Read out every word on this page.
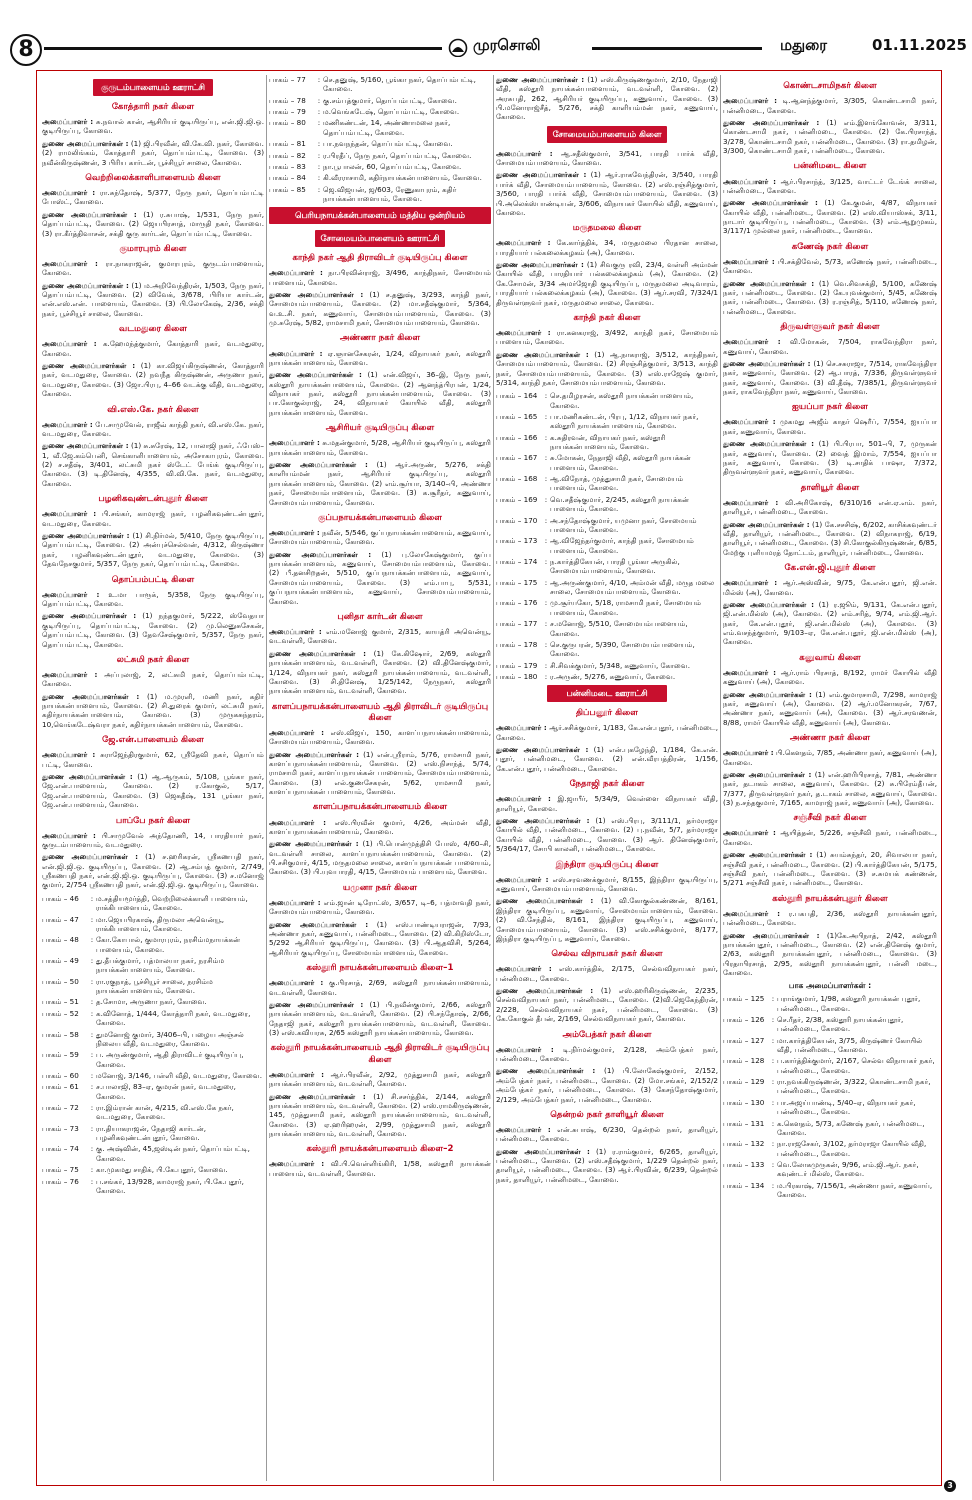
8	முரசொலி	மதுரை	01.11.2025
குருடம்பாளையம் ஊராட்சி
கோத்தாரி நகர் கிளை
அமைப்பாளர் : சு.நவால் கான், ஆசிரியர் குடியிருப்பு, என்.ஜி.ஜி.ஒ. குடியிருப்பு, கோவை.
துணை அமைப்பாளர்கள் : (1) ஜி.பிரவீன், வி.கே.வி. நகர், கோவை. (2) ராமலிங்கம், கோத்தாரி நகர், தொப்பம்பட்டி, கோவை. (3) நவீன்கிருஷ்ணன், 3 பிரிய கார்டன், பூச்சியூர் சாலை, கோவை.
வெற்றிலைக்காளிபாளையம் கிளை
அமைப்பாளர் : ரா.சுந்தோஷ், 5/377, நேரு நகர், தொப்பம்பட்டி போஸ்ட், கோவை.
துணை அமைப்பாளர்கள் : (1) ர.சுபாஷ், 1/531, நேரு நகர், தொப்பம்பட்டி, கோவை. (2) ஜெயபிரசாத், மாருதி நகர், கோவை. (3) ரா.கீர்த்திவாசன், சக்தி குரு கார்டன், தொப்பம்பட்டி, கோவை.
குமாரபுரம் கிளை
அமைப்பாளர் : ரா.நாகராஜன், குமாரபுரம், குருடம்பாளையம், கோவை.
துணை அமைப்பாளர்கள் : (1) ம.அறிவேந்திரன், 1/503, நேரு நகர், தொப்பம்பட்டி, கோவை. (2) விவேக், 3/678, பிரியா கார்டன், என்.எஸ்.என். பாளையம், கோவை. (3) பி.லோகேஷ், 2/36, சக்தி நகர், பூச்சியூர் சாலை, கோவை.
வடமதுரை கிளை
அமைப்பாளர் : க.ஹேமந்த்குமார், கோத்தாரி நகர், வடமதுரை, கோவை.
துணை அமைப்பாளர்கள் : (1) கா.விஜய்கிருஷ்ணன், கோத்தாரி நகர், வடமதுரை, கோவை. (2) நவநீத கிருஷ்ணன், அருணா நகர், வடமதுரை, கோவை. (3) ஜோ.பிரபு, 4–66 வடக்கு வீதி, வடமதுரை, கோவை.
வி.எஸ்.கே. நகர் கிளை
அமைப்பாளர் : பே.சாமுவேல், ராஜீவ் காந்தி நகர், வி.எஸ்.கே. நகர், வடமதுரை, கோவை.
துணை அமைப்பாளர்கள் : (1) சு.சுரேஷ், 12, பாலாஜி நகர், ஃபேஸ்–1, வீ.ஜே.கம்பெனி, செங்காளிபாளையம், அசோகாபுரம், கோவை. (2) ச.சதீஷ், 3/401, லட்சுமி நகர் ஸ்டேட் பேங்க் குடியிருப்பு, கோவை. (3) டி.தினேஷ், 4/355, வி.வி.கே. நகர், வடமதுரை, கோவை.
பழனிகவுண்டன்புதூர் கிளை
அமைப்பாளர் : பி.சங்கர், காமராஜ் நகர், பழனிகவுண்டன்புதூர், வடமதுரை, கோவை.
துணை அமைப்பாளர்கள் : (1) சி.நிர்மல், 5/410, நேரு குடியிருப்பு, தொப்பம்பட்டி, கோவை. (2) அன்புச்செல்வன், 4/312, கிருஷ்ணா நகர், பழனிகவுண்டன்புதூர், வடமதுரை, கோவை. (3) தேவநேசகுமார், 5/357, நேரு நகர், தொப்பம்பட்டி, கோவை.
தொப்பம்பட்டி கிளை
அமைப்பாளர் : உ.மா பாரூக், 5/358, நேரு குடியிருப்பு, தொப்பம்பட்டி, கோவை.
துணை அமைப்பாளர்கள் : (1) நந்தகுமார், 5/222, ஸ்வேதயா குடியிருப்பு, தொப்பம்பட்டி, கோவை. (2) மு.லெனுசுசேகன், தொப்பம்பட்டி, கோவை. (3) தேவசேஷ்குமார், 5/357, நேரு நகர், தொப்பம்பட்டி, கோவை.
லட்சுமி நகர் கிளை
அமைப்பாளர் : அப்புலாஜ், 2, லட்சுமி நகர், தொப்பம்பட்டி, கோவை.
துணை அமைப்பாளர்கள் : (1) ம.முரளி, மணி நகர், கதிர் நாயக்கன்பாளையம், கோவை. (2) சி.துரைக் குமார், லட்சுமி நகர், கதிர்நாயக்கன்பாளையம், கோவை. (3) முருகசுந்தரம், 10,வெங்கடேஷ்வரா நகர், கதிர்நாயக்கன்பாளையம், கோவை.
ஜே.என்.பாளையம் கிளை
அமைப்பாளர் : சுராஜேந்திரகுமார், 62, ஸ்ரீதேவி நகர், தொப்பம் பட்டி, கோவை.
துணை அமைப்பாளர்கள் : (1) ஆ.ஆருகம், 5/108, பூங்கா நகர், ஜே.என்.பாளையம், கோவை. (2) ர.கோகுல், 5/17, ஜே.என்.பாளையம், கோவை. (3) ஜெகதீஷ், 131 பூங்கா நகர், ஜே.என்.பாளையம், கோவை.
பாப்பே நகர் கிளை
அமைப்பாளர் : பி.சாமுவேல் அந்தோணி, 14, பாரதியார் நகர், குருடம்பாளையம், வடமதுரை.
துணை அமைப்பாளர்கள் : (1) ச.ஹரிகரன், ஸ்ரீகணபதி நகர், என்.ஜி.ஜி.ஒ. குடியிருப்பு, கோவை. (2) ஆ.சம்பத் குமார், 2/749, ஸ்ரீகணபதி நகர், என்.ஜி.ஜி.ஒ. குடியிருப்பு, கோவை. (3) ச.மனோஜ் குமார், 2/754 ஸ்ரீகணபதி நகர், என்.ஜி.ஜி.ஒ. குடியிருப்பு, கோவை.
பாகம் – 46	: ம.சத்தியமூர்த்தி, வெற்றிலைக்காளி பாளையம், ராக்கிபாளையம், கோவை.
பாகம் – 47	: மா.ஜெயபிரகாஷ், திருமலா அவென்யூ, ராக்கிபாளையம், கோவை.
பாகம் – 48	: கோ.கோபால், குமாரபுரம், நரசிம்மநாயக்கன் பாளையம், கோவை.
பாகம் – 49	: து.தீபக்குமார், பத்மாலயா நகர், நரசிம்ம நாயக்கன்பாளையம், கோவை.
பாகம் – 50	: ரா.ரகுநாத், பூச்சியூர் சாலை, நரசிம்ம நாயக்கன்பாளையம், கோவை.
பாகம் – 51	: த.சோமா, அருணா நகர், கோவை.
பாகம் – 52	: க.வினோத், 1/444, கோத்தாரி நகர், வடமதுரை, கோவை.
பாகம் – 58	: துமனோஜ் குமார், 3/406–பி, பழைய அஞ்சல் நிலைய வீதி, வடமதுரை, கோவை.
பாகம் – 59	: ப. அருண்குமார், ஆதி திராவிடர் குடியிருப்பு, கோவை.
பாகம் – 60	: மனோஜ், 3/146, பள்ளி வீதி, வடமதுரை, கோவை.
பாகம் – 61	: ச.பாலாஜி, 83–ஏ, குமரன் நகர், வடமதுரை, கோவை.
பாகம் – 72	: ரா.இம்ரான் கான், 4/215, வி.எஸ்.கே நகர், வடமதுரை, கோவை.
பாகம் – 73	: ரா.தியாகராஜன், நேதாஜி கார்டன், பழனிகவுண்டன்புதூர், கோவை.
பாகம் – 74	: கு. அஷ்வின், 45,ஜஸ்டின் நகர், தொப்பம்பட்டி, கோவை.
பாகம் – 75	: கா.முகமது சாதிக், பி.கே.புதூர், கோவை.
பாகம் – 76	: ப.சங்கர், 13/928, காமராஜ் நகர், பி.கே.புதூர், கோவை.
பாகம் – 77	: செ.தனுஷ், 5/160, பூங்கா நகர், தொப்பம்பட்டி, கோவை.
பாகம் – 78	: கு.சம்பத்குமார், தொப்பம்பட்டி, கோவை.
பாகம் – 79	: ம.வெங்கடேஷ், தொப்பம்பட்டி, கோவை.
பாகம் – 80	: மணிகண்டன், 14, அண்ணாமலை நகர், தொப்பம்பட்டி, கோவை.
பாகம் – 81	: பா.நவநந்தன், தொப்பம்பட்டி, கோவை.
பாகம் – 82	: ர.பிரதீப், நேரு நகர், தொப்பம்பட்டி, கோவை.
பாகம் – 83	: நா.பூபாலன், 60, தொப்பம்பட்டி, கோவை.
பாகம் – 84	: கி.வீரராசாமி, கதிர்நாயக்கன்பாளையம், கோவை.
பாகம் – 85	: ஜெ.விஜயன், ஜ/603, ரேணுகாபுரம், கதிர் நாயக்கன்பாளையம், கோவை.
பெரியநாயக்கன்பாளையம் மத்திய ஒன்றியம்
சோமையம்பாளையம் ஊராட்சி
காந்தி நகர் ஆதி திராவிடர் குடியிருப்பு கிளை
அமைப்பாளர் : நா.பிரவின்ராஜ், 3/496, காந்திநகர், சோமையம் பாளையம், கோவை.
துணை அமைப்பாளர்கள் : (1) ச.தனுஷ், 3/293, காந்தி நகர், சோமையம்பாளையம், கோவை. (2) மா.சதீஷ்குமார், 5/364, வ.உ.சி. நகர், கணுவாய், சோமையம்பாளையம், கோவை. (3) மு.சுரேஷ், 5/82, ராமசாமி நகர், சோமையம்பாளையம், கோவை.
அண்ணா நகர் கிளை
அமைப்பாளர் : ஏ.ஞானசேகரன், 1/24, விநாயகர் நகர், கஸ்தூரி நாயக்கன்பாளையம், கோவை.
துணை அமைப்பாளர்கள் : (1) என்.விஜய், 36–இ, நேரு நகர், கஸ்தூரி நாயக்கன்பாளையம், கோவை. (2) ஆனந்த்பிரபன், 1/24, விநாயகர் நகர், கஸ்தூரி நாயக்கன்பாளையம், கோவை. (3) பா.கோகுல்ராஜ், 24, விநாயகர் கோயில் வீதி, கஸ்தூரி நாயக்கன்பாளையம், கோவை.
ஆசிரியர் குடியிருப்பு கிளை
அமைப்பாளர் : சு.மதன்குமார், 5/28, ஆசிரியர் குடியிருப்பு, கஸ்தூரி நாயக்கன்பாளையம், கோவை.
துணை அமைப்பாளர்கள் : (1) ஆர்.அருண், 5/276, சக்தி காளியம்மன் நகர், ஆசிரியர் குடியிருப்பு, கஸ்தூரி நாயக்கன்பாளையம், கோவை. (2) எம்.சூர்யா, 3/140–பி, அண்ணா நகர், சோமையம்பாளையம், கோவை. (3) க.சூரீதர், கணுவாய், சோமையம்பாளையம், கோவை.
குப்பநாயக்கன்பாளையம் கிளை
அமைப்பாளர் : நவீன், 5/546, குப்பநாயக்கன்பாளையம், கணுவாய், சோமையம்பாளையம், கோவை.
துணை அமைப்பாளர்கள் : (1) பு.லோகேஷ்குமார், குப்ப நாயக்கன்பாளையம், கணுவாய், சோமையம்பாளையம், கோவை. (2) பீ.தனசிறதன், 5/510, குப்பநாயக்கன்பாளையம், கணுவாய், சோமையம்பாளையம், கோவை. (3) எம்.பாபு, 5/531, குப்பநாயக்கன்பாளையம், கணுவாய், சோமையம்பாளையம், கோவை.
புனிதா கார்டன் கிளை
அமைப்பாளர் : எம்.மனோஜ் குமார், 2/315, காயத்ரி அவென்யூ, வடவள்ளி, கோவை.
துணை அமைப்பாளர்கள் : (1) கே.கிஷோர், 2/69, கஸ்தூரி நாயக்கன்பாளையம், வடவள்ளி, கோவை. (2) வி.தினேஷ்குமார், 1/124, விநாயகர் நகர், கஸ்தூரி நாயக்கன்பாளையம், வடவள்ளி, கோவை. (3) சி.தினேஷ், 1/25/142, நேருநகர், கஸ்தூரி நாயக்கன்பாளையம், வடவள்ளி, கோவை.
காளப்பநாயக்கன்பாளையம் ஆதி திராவிடர் குடியிருப்பு கிளை
அமைப்பாளர் : எஸ்.விஜய், 150, காளப்பநாயக்கன்பாளையம், சோமையம்பாளையம், கோவை.
துணை அமைப்பாளர்கள் : (1) என்.ஸ்ரீராம், 5/76, ராமசாமி நகர், காளப்பநாயக்கன்பாளையம், கோவை. (2) எஸ்.நிசாந்த், 5/74, ராமசாமி நகர், காளப்பநாயக்கன் பாளையம், சோமையம்பாளையம், கோவை. (3) எல்.குணசேகரன், 5/62, ராமசாமி நகர், காளப்பநாயக்கன் பாளையம், கோவை.
காளப்பநாயக்கன்பாளையம் கிளை
அமைப்பாளர் : எஸ்.பிரவீன் குமார், 4/26, அம்மன் வீதி, காளப்பநாயக்கன்பாளையம், கோவை.
துணை அமைப்பாளர்கள் : (1) பி.பொன்முத்திசி போஸ், 4/60–சி, வடவள்ளி சாலை, காளப்பநாயக்கன்பாளையம், கோவை. (2) பி.சசிகுமார், 4/15, மருதமலை சாலை, காளப்பநாயக்கன் பாளையம், கோவை. (3) பி.யுவபாரதி, 4/15, சோமையம் பாளையம், கோவை.
யமுனா நகர் கிளை
அமைப்பாளர் : எம்.ஜான் டிரோட்ஸ், 3/657, டி–6, பத்மாவதி நகர், சோமையம்பாளையம், கோவை.
துணை அமைப்பாளர்கள் : (1) எஸ்.பாண்டியராஜன், 7/93, அண்ணா நகர், கணுவாய், பன்னிமடை, கோவை. (2) வி.கிறிஸ்டோ, 5/292 ஆசிரியர் குடியிருப்பு, கோவை. (3) பி.ஆதவிசி, 5/264, ஆசிரியர் குடியிருப்பு, சோமையம்பாளையம், கோவை.
கஸ்தூரி நாயக்கன்பாளையம் கிளை–1
அமைப்பாளர் : கு.பிரசாத், 2/69, கஸ்தூரி நாயக்கன்பாளையம், வடவள்ளி, கோவை.
துணை அமைப்பாளர்கள் : (1) பி.நவீன்குமார், 2/66, கஸ்தூரி நாயக்கன்பாளையம், வடவள்ளி, கோவை. (2) பி.சந்தோஷ், 2/66, நேதாஜி நகர், கஸ்தூரி நாயக்கன்பாளையம், வடவள்ளி, கோவை. (3) எஸ்.கவியரசு, 2/65 கஸ்தூரி நாயக்கன்பாளையம், கோவை.
கஸ்தூரி நாயக்கன்பாளையம் ஆதி திராவிடர் குடியிருப்பு கிளை
அமைப்பாளர் : ஆர்.பிரவீன், 2/92, முத்துசாமி நகர், கஸ்தூரி நாயக்கன்பாளையம், வடவள்ளி, கோவை.
துணை அமைப்பாளர்கள் : (1) சி.சசர்த்திக், 2/144, கஸ்தூரி நாயக்கன்பாளையம், வடவள்ளி, கோவை. (2) எஸ்.ராமகிருஷ்ணன், 145, முத்துசாமி நகர், கஸ்தூரி நாயக்கன்பாளையம், வடவள்ளி, கோவை. (3) ஏ.ஹரிஹரன், 2/99, முத்துசாமி நகர், கஸ்தூரி நாயக்கன்பாளையம், வடவள்ளி, கோவை.
கஸ்தூரி நாயக்கன்பாளையம் கிளை–2
அமைப்பாளர் : வி.பி.வெள்ளிங்கிரி, 1/58, கஸ்தூரி நாயக்கன் பாளையம், வடவள்ளி, கோவை.
துணை அமைப்பாளர்கள் : (1) எஸ்.கிருஷ்ணகுமார், 2/10, நேதாஜி வீதி, கஸ்தூரி நாயக்கன்பாளையம், வடவள்ளி, கோவை. (2) அரசுபதி, 262, ஆசிரியர் குடியிருப்பு, கணுவாய், கோவை. (3) பி.மனோராஜ்சீத், 5/276, சக்தி காளியம்மன் நகர், கணுவாய், கோவை.
சோமையம்பாளையம் கிளை
அமைப்பாளர் : ஆ.சதீஸ்குமார், 3/541, பாரதி பார்க் வீதி, சோமையம்பாளையம், கோவை.
துணை அமைப்பாளர்கள் : (1) ஆர்.ராகவேந்திரன், 3/540, பாரதி பார்க் வீதி, சோமையம்பாளையம், கோவை. (2) எஸ்.ரஞ்சித்குமார், 3/560, பாரதி பார்க் வீதி, சோமையம்பாளையம், கோவை. (3) பி.அலெக்ஸ்பாண்டியன், 3/606, விநாயகர் கோயில் வீதி, கணுவாய், கோவை.
மருதமலை கிளை
அமைப்பாளர் : கே.கார்த்திக், 34, மருதமலை பிரதான சாலை, பாரதியார் பல்கலைக்கழகம் (அ), கோவை.
துணை அமைப்பாளர்கள் : (1) சிவகுரு ரவி, 23/4, வள்ளி அம்மன் கோயில் வீதி, பாரதியார் பல்கலைக்கழகம் (அ), கோவை. (2) கே.சோமன், 3/34 அமர்ஜோதி குடியிருப்பு, மருதமலை அடிவாரம், பாரதியார் பல்கலைக்கழகம் (அ), கோவை. (3) ஆர்.சரவி, 7/324/1 திருவள்ளுவர் நகர், மருதமலை சாலை, கோவை.
காந்தி நகர் கிளை
அமைப்பாளர் : ரா.கனகராஜ், 3/492, காந்தி நகர், சோமையம் பாளையம், கோவை.
துணை அமைப்பாளர்கள் : (1) ஆ.நாகராஜ், 3/512, காந்திநகர், சோமையம்பாளையம், கோவை. (2) சிரஞ்சித்குமார், 3/513, காந்தி நகர், சோமையம்பாளையம், கோவை. (3) எஸ்.ராஜேஷ் குமார், 5/314, காந்தி நகர், சோமையம்பாளையம், கோவை.
பாகம் – 164	: செ.தமிழரசன், கஸ்தூரி நாயக்கன்பாளையம், கோவை.
பாகம் – 165	: பா.மணிகண்டன், பிரபு, 1/12, விநாயகர் நகர், கஸ்தூரி நாயக்கன்பாளையம், கோவை.
பாகம் – 166	: க.சுதிரவன், விநாயகர் நகர், கஸ்தூரி நாயக்கன்பாளையம், கோவை.
பாகம் – 167	: சு.மோகன், நேதாஜி வீதி, கஸ்தூரி நாயக்கன் பாளையம், கோவை.
பாகம் – 168	: ஆ.விநோத், முத்துசாமி நகர், சோமையம் பாளையம், கோவை.
பாகம் – 169	: வெ.சதீஷ்குமார், 2/245, கஸ்தூரி நாயக்கன் பாளையம், கோவை.
பாகம் – 170	: அ.சந்தோஷ்குமார், யமுனா நகர், சோமையம் பாளையம், கோவை.
பாகம் – 173	: ஆ.விஜேந்தர்குமார், காந்தி நகர், சோமையம் பாளையம், கோவை.
பாகம் – 174	: ந.கார்த்திகேயன், பாரதி பூங்கா அருகில், சோமையம்பாளையம், கோவை.
பாகம் – 175	: ஆ.அருண்குமார், 4/10, அம்மன் வீதி, மருத மலை சாலை, சோமையம்பாளையம், கோவை.
பாகம் – 176	: மு.சூர்யகோ, 5/18, ராமசாமி நகர், சோமையம் பாளையம், கோவை.
பாகம் – 177	: ச.மனோஜ், 5/510, சோமையம்பாளையம், கோவை.
பாகம் – 178	: செ.குருபரன், 5/390, சோமையம்பாளையம், கோவை.
பாகம் – 179	: சி.சிவக்குமார், 5/348, கணுவாய், கோவை.
பாகம் – 180	: ர.அருண், 5/276, கணுவாய், கோவை.
பன்னிமடை ஊராட்சி
திப்பனூர் கிளை
அமைப்பாளர் : ஆர்.சசிக்குமார், 1/183, கே.என்.புதூர், பன்னிமடை, கோவை.
துணை அமைப்பாளர்கள் : (1) என்.புகழேந்தி, 1/184, கே.என். புதூர், பன்னிமடை, கோவை. (2) என்.வீரபத்திரன், 1/156, கே.என்.புதூர், பன்னிமடை, கோவை.
நேதாஜி நகர் கிளை
அமைப்பாளர் : இ.ஜாபீர், 5/34/9, வெள்ளை விநாயகர் வீதி, தாளியூர், கோவை.
துணை அமைப்பாளர்கள் : (1) எஸ்.பிரபு, 3/111/1, தர்மராஜா கோயில் வீதி, பன்னிமடை, கோவை. (2) பு.நவீன், 5/7, தர்மராஜா கோயில் வீதி, பன்னிமடை, கோவை. (3) ஆர். தினேஷ்குமார், 5/364/17, சோபி காலனி, பன்னிமடை, கோவை.
இந்திரா குடியிருப்பு கிளை
அமைப்பாளர் : எஸ்.சரவணக்குமார், 8/155, இந்திரா குடியிருப்பு, கணுவாய், சோமையம்பாளையம், கோவை.
துணை அமைப்பாளர்கள் : (1) வி.கோகுல்கண்ணன், 8/161, இந்திரா குடியிருப்பு, கணுவாய், சோமையம்பாளையம், கோவை. (2) வி.சேந்தில், 8/161, இந்திரா குடியிருப்பு, கணுவாய், சோமையம்பாளையம், கோவை. (3) எஸ்.சசிக்குமார், 8/177, இந்திரா குடியிருப்பு, கணுவாய், கோவை.
செல்வ விநாயகர் நகர் கிளை
அமைப்பாளர் : எஸ்.கார்த்திக், 2/175, செல்வவிநாயகர் நகர், பன்னிமடை, கோவை.
துணை அமைப்பாளர்கள் : (1) எஸ்.ஹரிகிருஷ்ணன், 2/235, செல்வவிநாயகர் நகர், பன்னிமடை, கோவை. (2)வி.ஜெகேந்திரன், 2/228, செல்வவிநாயகர் நகர், பன்னிமடை, கோவை. (3) கே.கோகுல் தீபன், 2/169, செல்வவிநாயகர் நகர், கோவை.
அம்பேத்கர் நகர் கிளை
அமைப்பாளர் : டி.நிர்மல்குமார், 2/128, அம்பேத்கர் நகர், பன்னிமடை, கோவை.
துணை அமைப்பாளர்கள் : (1) பி.லோகேஷ்குமார், 2/152, அம்பேத்கர் நகர், பன்னிமடை, கோவை. (2) மோ.சங்கர், 2/152/2 அம்பேத்கர் நகர், பன்னிமடை, கோவை. (3) கேசந்தோஷ்குமார், 2/129, அம்பேத்கர் நகர், பன்னிமடை, கோவை.
தென்றல் நகர் தாளியூர் கிளை
அமைப்பாளர் : என்.சுபாஷ், 6/230, தென்றல் நகர், தாளியூர், பன்னிமடை, கோவை.
துணை அமைப்பாளர்கள் : (1) ர.ராம்குமார், 6/265, தாளியூர், பன்னிமடை, கோவை. (2) எஸ்.சதீஷ்குமார், 1/229 தென்றல் நகர், தாளியூர், பன்னிமடை, கோவை. (3) ஆர்.பிரவின், 6/239, தென்றல் நகர், தாளியூர், பன்னிமடை, கோவை.
கொண்டசாமிநகர் கிளை
அமைப்பாளர் : டி.ஆனந்த்குமார், 3/305, கொண்டசாமி நகர், பன்னிமடை, கோவை.
துணை அமைப்பாளர்கள் : (1) எம்.இளங்கோவன், 3/311, கொண்டசாமி நகர், பன்னிமடை, கோவை. (2) கே.பிரசாந்த், 3/278, கொண்டசாமி நகர், பன்னிமடை, கோவை. (3) ரா.தமிழன், 3/300, கொண்டசாமி நகர், பன்னிமடை, கோவை.
பன்னிமடை கிளை
அமைப்பாளர் : ஆர்.பிரசாந்த், 3/125, வாட்டர் டேங்க் சாலை, பன்னிமடை, கோவை.
துணை அமைப்பாளர்கள் : (1) கே.குமன், 4/87, விநாயகர் கோயில் வீதி, பன்னிமடை, கோவை. (2) எஸ்.வியாஸ்சக், 3/11, நாடார் குடியிருப்பு, பன்னிமடை, கோவை. (3) எம்.ஆறுமுகம், 3/117/1 முல்லை நகர், பன்னிமடை, கோவை.
கணேஷ் நகர் கிளை
அமைப்பாளர் : பி.சக்திவேல், 5/73, கணேஷ் நகர், பன்னிமடை, கோவை.
துணை அமைப்பாளர்கள் : (1) வெ.சிவசக்தி, 5/100, கணேஷ் நகர், பன்னிமடை, கோவை. (2) கே.யுவக்குமார், 5/45, கணேஷ் நகர், பன்னிமடை, கோவை. (3) ர.ரஞ்சித், 5/110, கணேஷ் நகர், பன்னிமடை, கோவை.
திருவள்ளுவர் நகர் கிளை
அமைப்பாளர் : வி.மோகன், 7/504, ராகவேந்திரா நகர், கணுவாய், கோவை.
துணை அமைப்பாளர்கள் : (1) செ.சசுராஜா, 7/514, ராகவேந்திரா நகர், கணுவாய், கோவை. (2) ஆ.பாரத், 7/336, திருவள்ளுவர் நகர், கணுவாய், கோவை. (3) வி.தீஷ், 7/385/1, திருவள்ளுவர் நகர், ராகவேந்திரா நகர், கணுவாய், கோவை.
ஐயப்பா நகர் கிளை
அமைப்பாளர் : முகமது அஜீம் காதர் ஷெரீப், 7/554, ஐயப்பா நகர், கணுவாய், கோவை.
துணை அமைப்பாளர்கள் : (1) பி.பிரபா, 501–பி, 7, முருகன் நகர், கணுவாய், கோவை. (2) வைத் இமாம், 7/554, ஐயப்பா நகர், கணுவாய், கோவை. (3) டி.சாதிக் பாஷா, 7/372, திருவள்ளுவர் நகர், கணுவாய், கோவை.
தாளியூர் கிளை
அமைப்பாளர் : வி.அரிகோஷ், 6/310/16 என்.ஏ.எம். நகர், தாளியூர், பன்னிமடை, கோவை.
துணை அமைப்பாளர்கள் : (1) கே.சசசிஷ், 6/202, காசிக்கவுண்டர் வீதி, தாளியூர், பன்னிமடை, கோவை. (2) விநாகராஜ், 6/19, தாளியூர், பன்னிமடை, கோவை. (3) சி.கோகுல்கிருஷ்ணன், 6/85, மேற்கு புளியமரத் தோட்டம், தாளியூர், பன்னிமடை, கோவை.
கே.என்.ஜி.புதூர் கிளை
அமைப்பாளர் : ஆர்.அஸ்வின், 9/75, கே.என்.புதூர், ஜி.என். மில்ஸ் (அ), கோவை.
துணை அமைப்பாளர்கள் : (1) ர.ஜூம், 9/131, கே.என்.புதூர், ஜி.என்.மில்ஸ் (அ), கோவை. (2) எம்.சரித், 9/74, எம்.ஜி.ஆர். நகர், கே.என்.புதூர், ஜி.என்.மில்ஸ் (அ), கோவை. (3) எம்.வசந்த்குமார், 9/103–ஏ, கே.என்.புதூர், ஜி.என்.மில்ஸ் (அ), கோவை.
கனுவாய் கிளை
அமைப்பாளர் : ஆர்.ராம் பிரசாத், 8/192, ராமர் கோயில் வீதி கணுவாய் (அ), கோவை.
துணை அமைப்பாளர்கள் : (1) எம்.குமாரசாமி, 7/298, காமராஜ் நகர், கணுவாய் (அ), கோவை. (2) ஆர்.மனோகரன், 7/67, அண்ணா நகர், கணுவாய் (அ), கோவை. (3) ஆர்.சரவணன், 8/88, ராமர் கோயில் வீதி, கணுவாய் (அ), கோவை.
அண்ணா நகர் கிளை
அமைப்பாளர் : பி.கௌதம், 7/85, அண்ணா நகர், கணுவாய் (அ), கோவை.
துணை அமைப்பாளர்கள் : (1) என்.ஹரிபிரசாத், 7/81, அண்ணா நகர், தடாகம் சாலை, கணுவாய், கோவை. (2) சு.பிரேம்தீபன், 7/377, திருவள்ளுவர் நகர், த.டாகம் சாலை, கணுவாய், கோவை. (3) ந.சந்தகுமார், 7/165, காமராஜ் நகர், கணுவாய் (அ), கோவை.
சஞ்சீவி நகர் கிளை
அமைப்பாளர் : ஆயித்தன், 5/226, சஞ்சீவி நகர், பன்னிமடை, கோவை.
துணை அமைப்பாளர்கள் : (1) சுயம்சுந்தர், 20, சிவாலயா நகர், சஞ்சீவி நகர், பன்னிமடை, கோவை. (2) பி.கார்த்திகேயன், 5/175, சஞ்சீவி நகர், பன்னிமடை, கோவை. (3) ச.சுமயக் கண்ணன், 5/271 சஞ்சீவி நகர், பன்னிமடை, கோவை.
கஸ்தூரி நாயக்கன்புதூர் கிளை
அமைப்பாளர் : ர.பகபதி, 2/36, கஸ்தூரி நாயக்கன்புதூர், பன்னிமடை, கோவை.
துணை அமைப்பாளர்கள் : (1)கே.அபிநாத், 2/42, கஸ்தூரி நாயக்கன்புதூர், பன்னிமடை, கோவை. (2) என்.தினேஷ் குமார், 2/63, கஸ்தூரி நாயக்கன்புதூர், பன்னிமடை, கோவை. (3) பிரதாபிரசாத், 2/95, கஸ்தூரி நாயக்கன்புதூர், பன்னி மடை, கோவை.
பாக அமைப்பாளர்கள் :
பாகம் – 125	: பராங்குமார், 1/98, கஸ்தூரி நாயக்கன் புதூர், பன்னிமடை, கோவை.
பாகம் – 126	: செ.ரீதர், 2/38, கஸ்தூரி நாயக்கன்புதூர், பன்னிமடை, கோவை.
பாகம் – 127	: மா.கார்த்திகேயன், 3/75, கிருஷ்ணர் கோயில் வீதி, பன்னிமடை, கோவை.
பாகம் – 128	: ப.கார்த்திக்குமார், 2/167, செல்வ விநாயகர் நகர், பன்னிமடை, கோவை.
பாகம் – 129	: ரா.நவக்கிருஷ்ணன், 3/322, கொண்டசாமி நகர், பன்னிமடை, கோவை.
பாகம் – 130	: பா.அஜய்பாண்டி, 5/40–ஏ, விநாயகர் நகர், பன்னிமடை, கோவை.
பாகம் – 131	: க.கௌதம், 5/73, கணேஷ் நகர், பன்னிமடை, கோவை.
பாகம் – 132	: நா.ராஜசேகர், 3/102, தர்மராஜா கோயில் வீதி, பன்னிமடை, கோவை.
பாகம் – 133	: வெ.லோகமுருகன், 9/96, எம்.ஜி.ஆர். நகர், கவுண்டர் மில்ஸ், கோவை.
பாகம் – 134	: ம.பிரகாஷ், 7/156/1, அண்ணா நகர், கணுவாய், கோவை.
3
